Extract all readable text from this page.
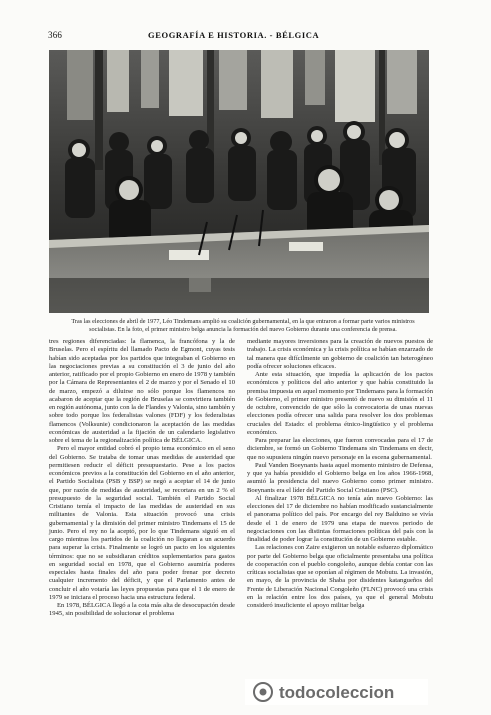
366	GEOGRAFÍA E HISTORIA. - BÉLGICA
Tras las elecciones de abril de 1977, Léo Tindemans amplió su coalición gubernamental, en la que entraron a formar parte varios ministros socialistas. En la foto, el primer ministro belga anuncia la formación del nuevo Gobierno durante una conferencia de prensa.

tres regiones diferenciadas: la flamenca, la francófona y la de Bruselas. Pero el espíritu del llamado Pacto de Egmont, cuyas tesis habían sido aceptadas por los partidos que integraban el Gobierno en las negociaciones previas a su constitución el 3 de junio del año anterior, ratificado por el propio Gobierno en enero de 1978 y también por la Cámara de Representantes el 2 de marzo y por el Senado el 10 de marzo, empezó a diluirse no sólo porque los flamencos no acabaron de aceptar que la región de Bruselas se convirtiera también en región autónoma, junto con la de Flandes y Valonia, sino también y sobre todo porque los federalistas valones (FDF) y los federalistas flamencos (Volksunie) condicionaron la aceptación de las medidas económicas de austeridad a la fijación de un calendario legislativo sobre el tema de la regionalización política de BÉLGICA.

Pero el mayor entidad cobró el propio tema económico en el seno del Gobierno. Se trataba de tomar unas medidas de austeridad que permitiesen reducir el déficit presupuestario. Pese a los pactos económicos previos a la constitución del Gobierno en el año anterior, el Partido Socialista (PSB y BSP) se negó a aceptar el 14 de junio que, por razón de medidas de austeridad, se recortara en un 2 % el presupuesto de la seguridad social. También el Partido Social Cristiano temía el impacto de las medidas de austeridad en sus militantes de Valonia. Esta situación provocó una crisis gubernamental y la dimisión del primer ministro Tindemans el 15 de junio. Pero el rey no la aceptó, por lo que Tindemans siguió en el cargo mientras los partidos de la coalición no llegaran a un acuerdo para superar la crisis. Finalmente se logró un pacto en los siguientes términos: que no se subsidiaran créditos suplementarios para gastos en seguridad social en 1978, que el Gobierno asumiría poderes especiales hasta finales del año para poder frenar por decreto cualquier incremento del déficit, y que el Parlamento antes de concluir el año votaría las leyes propuestas para que el 1 de enero de 1979 se iniciara el proceso hacia una estructura federal.

En 1978, BÉLGICA llegó a la cota más alta de desocupación desde 1945, sin posibilidad de solucionar el problema

mediante mayores inversiones para la creación de nuevos puestos de trabajo. La crisis económica y la crisis política se habían enzarzado de tal manera que difícilmente un gobierno de coalición tan heterogéneo podía ofrecer soluciones eficaces.

Ante esta situación, que impedía la aplicación de los pactos económicos y políticos del año anterior y que había constituido la premisa impuesta en aquel momento por Tindemans para la formación de Gobierno, el primer ministro presentó de nuevo su dimisión el 11 de octubre, convencido de que sólo la convocatoria de unas nuevas elecciones podía ofrecer una salida para resolver los dos problemas cruciales del Estado: el problema étnico-lingüístico y el problema económico.

Para preparar las elecciones, que fueron convocadas para el 17 de diciembre, se formó un Gobierno Tindemans sin Tindemans en decir, que no supusiera ningún nuevo personaje en la escena gubernamental.

Paul Vanden Boeynants hasta aquel momento ministro de Defensa, y que ya había presidido el Gobierno belga en los años 1966-1968, asumió la presidencia del nuevo Gobierno como primer ministro. Boeynants era el líder del Partido Social Cristiano (PSC).

Al finalizar 1978 BÉLGICA no tenía aún nuevo Gobierno: las elecciones del 17 de diciembre no habían modificado sustancialmente el panorama político del país. Por encargo del rey Balduino se vivía desde el 1 de enero de 1979 una etapa de nuevos periodo de negociaciones con las distintas formaciones políticas del país con la finalidad de poder lograr la constitución de un Gobierno estable.

Las relaciones con Zaire exigieron un notable esfuerzo diplomático por parte del Gobierno belga que oficialmente presentaba una política de cooperación con el pueblo congoleño, aunque debía contar con las críticas socialistas que se oponían al régimen de Mobutu. La invasión, en mayo, de la provincia de Shaba por disidentes katangueños del Frente de Liberación Nacional Congoleño (FLNC) provocó una crisis en la relación entre los dos países, ya que el general Mobutu consideró insuficiente el apoyo militar belga

todocoleccion
